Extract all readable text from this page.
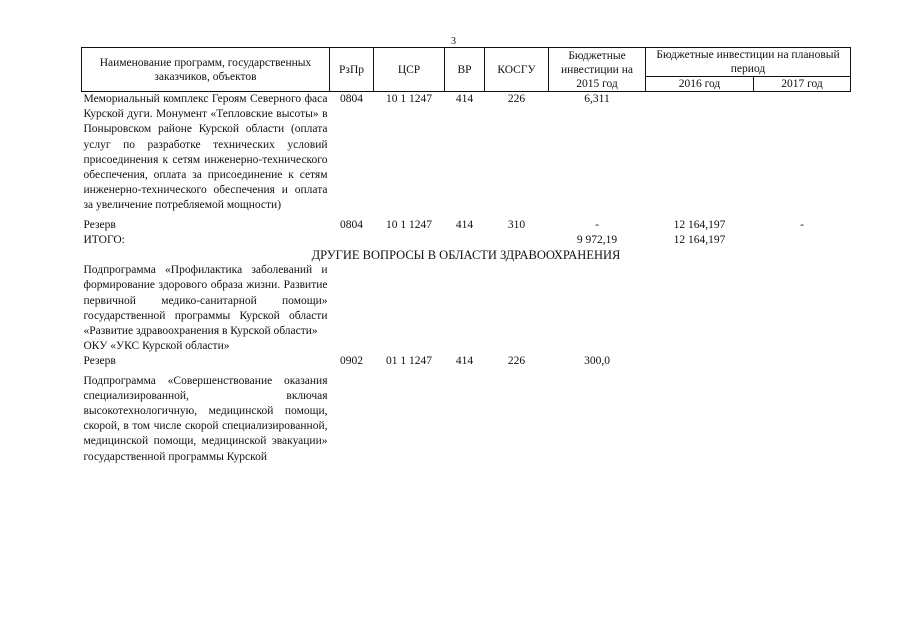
3
Наименование программ, государственных заказчиков, объектов	РзПр	ЦСР	ВР	КОСГУ	Бюджетные инвестиции на 2015 год	Бюджетные инвестиции на плановый период	
						2016 год	2017 год
Мемориальный комплекс Героям Северного фаса Курской дуги. Монумент «Тепловские высоты» в Поныровском районе Курской области (оплата услуг по разработке технических условий присоединения к сетям инженерно-технического обеспечения, оплата за присоединение к сетям инженерно-технического обеспечения и оплата за увеличение потребляемой мощности)	0804	10 1 1247	414	226	6,311		

Резерв	0804	10 1 1247	414	310	-	12 164,197	-
ИТОГО:					9 972,19	12 164,197	
ДРУГИЕ ВОПРОСЫ В ОБЛАСТИ ЗДРАВООХРАНЕНИЯ							
Подпрограмма «Профилактика заболеваний и формирование здорового образа жизни. Развитие первичной медико-санитарной помощи» государственной программы Курской области «Развитие здравоохранения в Курской области»							
ОКУ «УКС Курской области»							
Резерв	0902	01 1 1247	414	226	300,0		

Подпрограмма «Совершенствование оказания специализированной, включая высокотехнологичную, медицинской помощи, скорой, в том числе скорой специализированной, медицинской помощи, медицинской эвакуации» государственной программы Курской							
